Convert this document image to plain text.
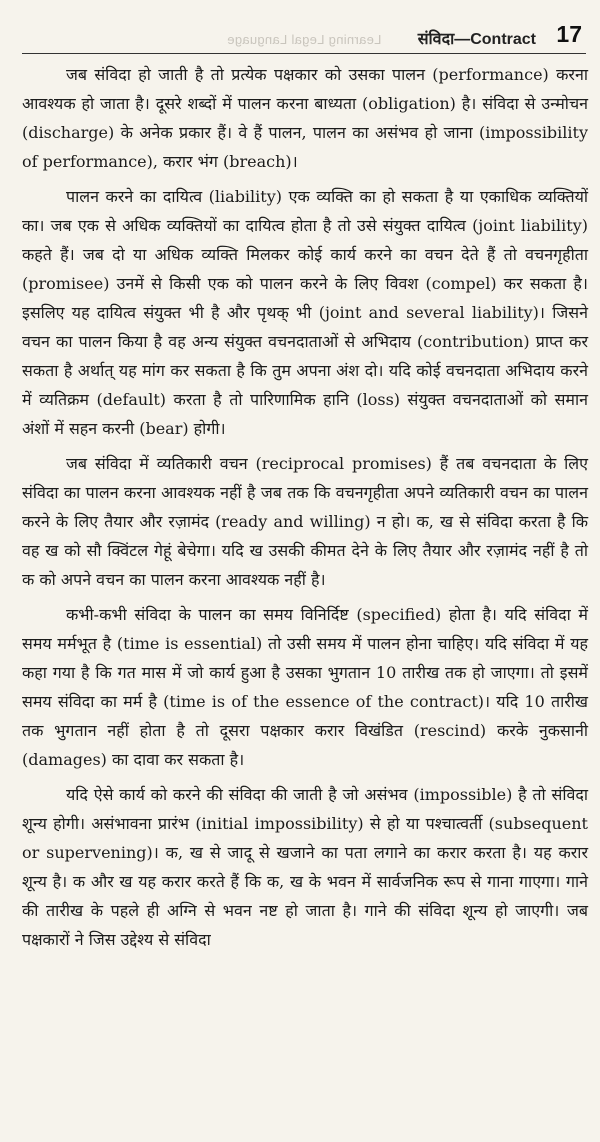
Learning Legal Language संविदा—Contract 17

जब संविदा हो जाती है तो प्रत्येक पक्षकार को उसका पालन (performance) करना आवश्यक हो जाता है। दूसरे शब्दों में पालन करना बाध्यता (obligation) है। संविदा से उन्मोचन (discharge) के अनेक प्रकार हैं। वे हैं पालन, पालन का असंभव हो जाना (impossibility of performance), करार भंग (breach)।

पालन करने का दायित्व (liability) एक व्यक्ति का हो सकता है या एकाधिक व्यक्तियों का। जब एक से अधिक व्यक्तियों का दायित्व होता है तो उसे संयुक्त दायित्व (joint liability) कहते हैं। जब दो या अधिक व्यक्ति मिलकर कोई कार्य करने का वचन देते हैं तो वचनगृहीता (promisee) उनमें से किसी एक को पालन करने के लिए विवश (compel) कर सकता है। इसलिए यह दायित्व संयुक्त भी है और पृथक् भी (joint and several liability)। जिसने वचन का पालन किया है वह अन्य संयुक्त वचनदाताओं से अभिदाय (contribution) प्राप्त कर सकता है अर्थात् यह मांग कर सकता है कि तुम अपना अंश दो। यदि कोई वचनदाता अभिदाय करने में व्यतिक्रम (default) करता है तो पारिणामिक हानि (loss) संयुक्त वचनदाताओं को समान अंशों में सहन करनी (bear) होगी।

जब संविदा में व्यतिकारी वचन (reciprocal promises) हैं तब वचनदाता के लिए संविदा का पालन करना आवश्यक नहीं है जब तक कि वचनगृहीता अपने व्यतिकारी वचन का पालन करने के लिए तैयार और रज़ामंद (ready and willing) न हो। क, ख से संविदा करता है कि वह ख को सौ क्विंटल गेहूं बेचेगा। यदि ख उसकी कीमत देने के लिए तैयार और रज़ामंद नहीं है तो क को अपने वचन का पालन करना आवश्यक नहीं है।

कभी-कभी संविदा के पालन का समय विनिर्दिष्ट (specified) होता है। यदि संविदा में समय मर्मभूत है (time is essential) तो उसी समय में पालन होना चाहिए। यदि संविदा में यह कहा गया है कि गत मास में जो कार्य हुआ है उसका भुगतान 10 तारीख तक हो जाएगा। तो इसमें समय संविदा का मर्म है (time is of the essence of the contract)। यदि 10 तारीख तक भुगतान नहीं होता है तो दूसरा पक्षकार करार विखंडित (rescind) करके नुकसानी (damages) का दावा कर सकता है।

यदि ऐसे कार्य को करने की संविदा की जाती है जो असंभव (impossible) है तो संविदा शून्य होगी। असंभावना प्रारंभ (initial impossibility) से हो या पश्चात्वर्ती (subsequent or supervening)। क, ख से जादू से खजाने का पता लगाने का करार करता है। यह करार शून्य है। क और ख यह करार करते हैं कि क, ख के भवन में सार्वजनिक रूप से गाना गाएगा। गाने की तारीख के पहले ही अग्नि से भवन नष्ट हो जाता है। गाने की संविदा शून्य हो जाएगी। जब पक्षकारों ने जिस उद्देश्य से संविदा
